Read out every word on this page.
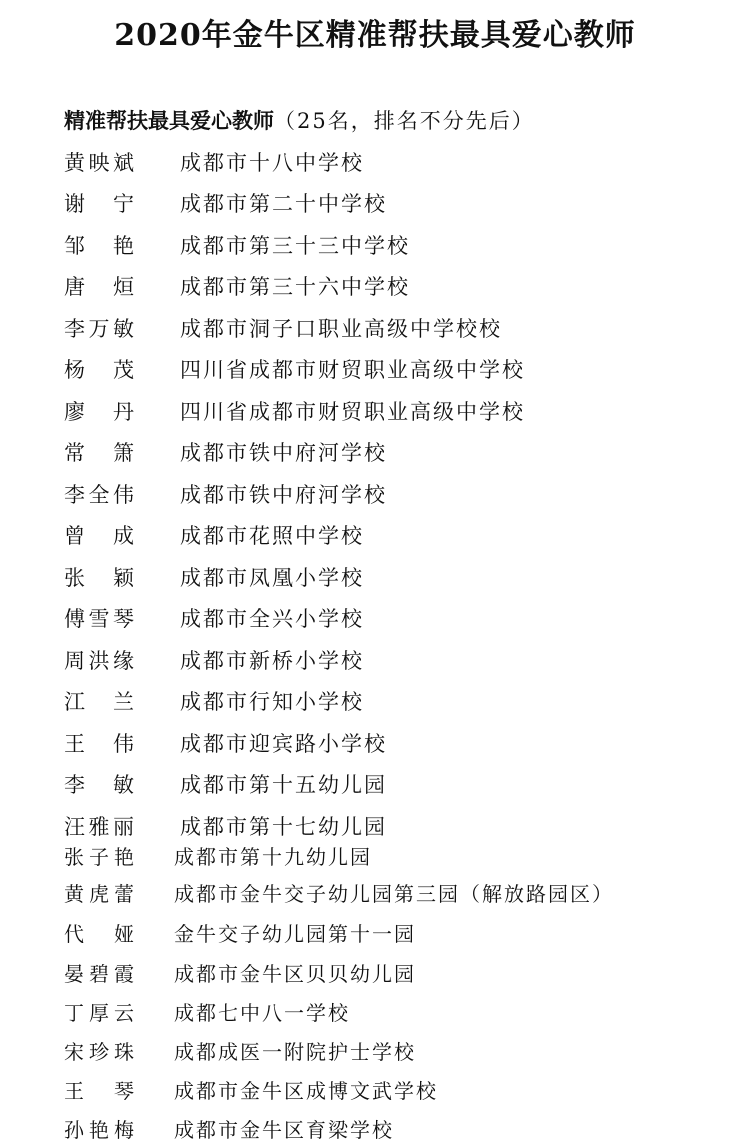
2020年金牛区精准帮扶最具爱心教师
精准帮扶最具爱心教师（25名，排名不分先后）
黄映斌 成都市十八中学校
谢宁 成都市第二十中学校
邹艳 成都市第三十三中学校
唐烜 成都市第三十六中学校
李万敏 成都市洞子口职业高级中学校校
杨茂 四川省成都市财贸职业高级中学校
廖丹 四川省成都市财贸职业高级中学校
常箫 成都市铁中府河学校
李全伟 成都市铁中府河学校
曾成 成都市花照中学校
张颖 成都市凤凰小学校
傅雪琴 成都市全兴小学校
周洪缘 成都市新桥小学校
江兰 成都市行知小学校
王伟 成都市迎宾路小学校
李敏 成都市第十五幼儿园
汪雅丽 成都市第十七幼儿园
张子艳 成都市第十九幼儿园
黄虎蕾 成都市金牛交子幼儿园第三园（解放路园区）
代娅 金牛交子幼儿园第十一园
晏碧霞 成都市金牛区贝贝幼儿园
丁厚云 成都七中八一学校
宋珍珠 成都成医一附院护士学校
王琴 成都市金牛区成博文武学校
孙艳梅 成都市金牛区育梁学校
